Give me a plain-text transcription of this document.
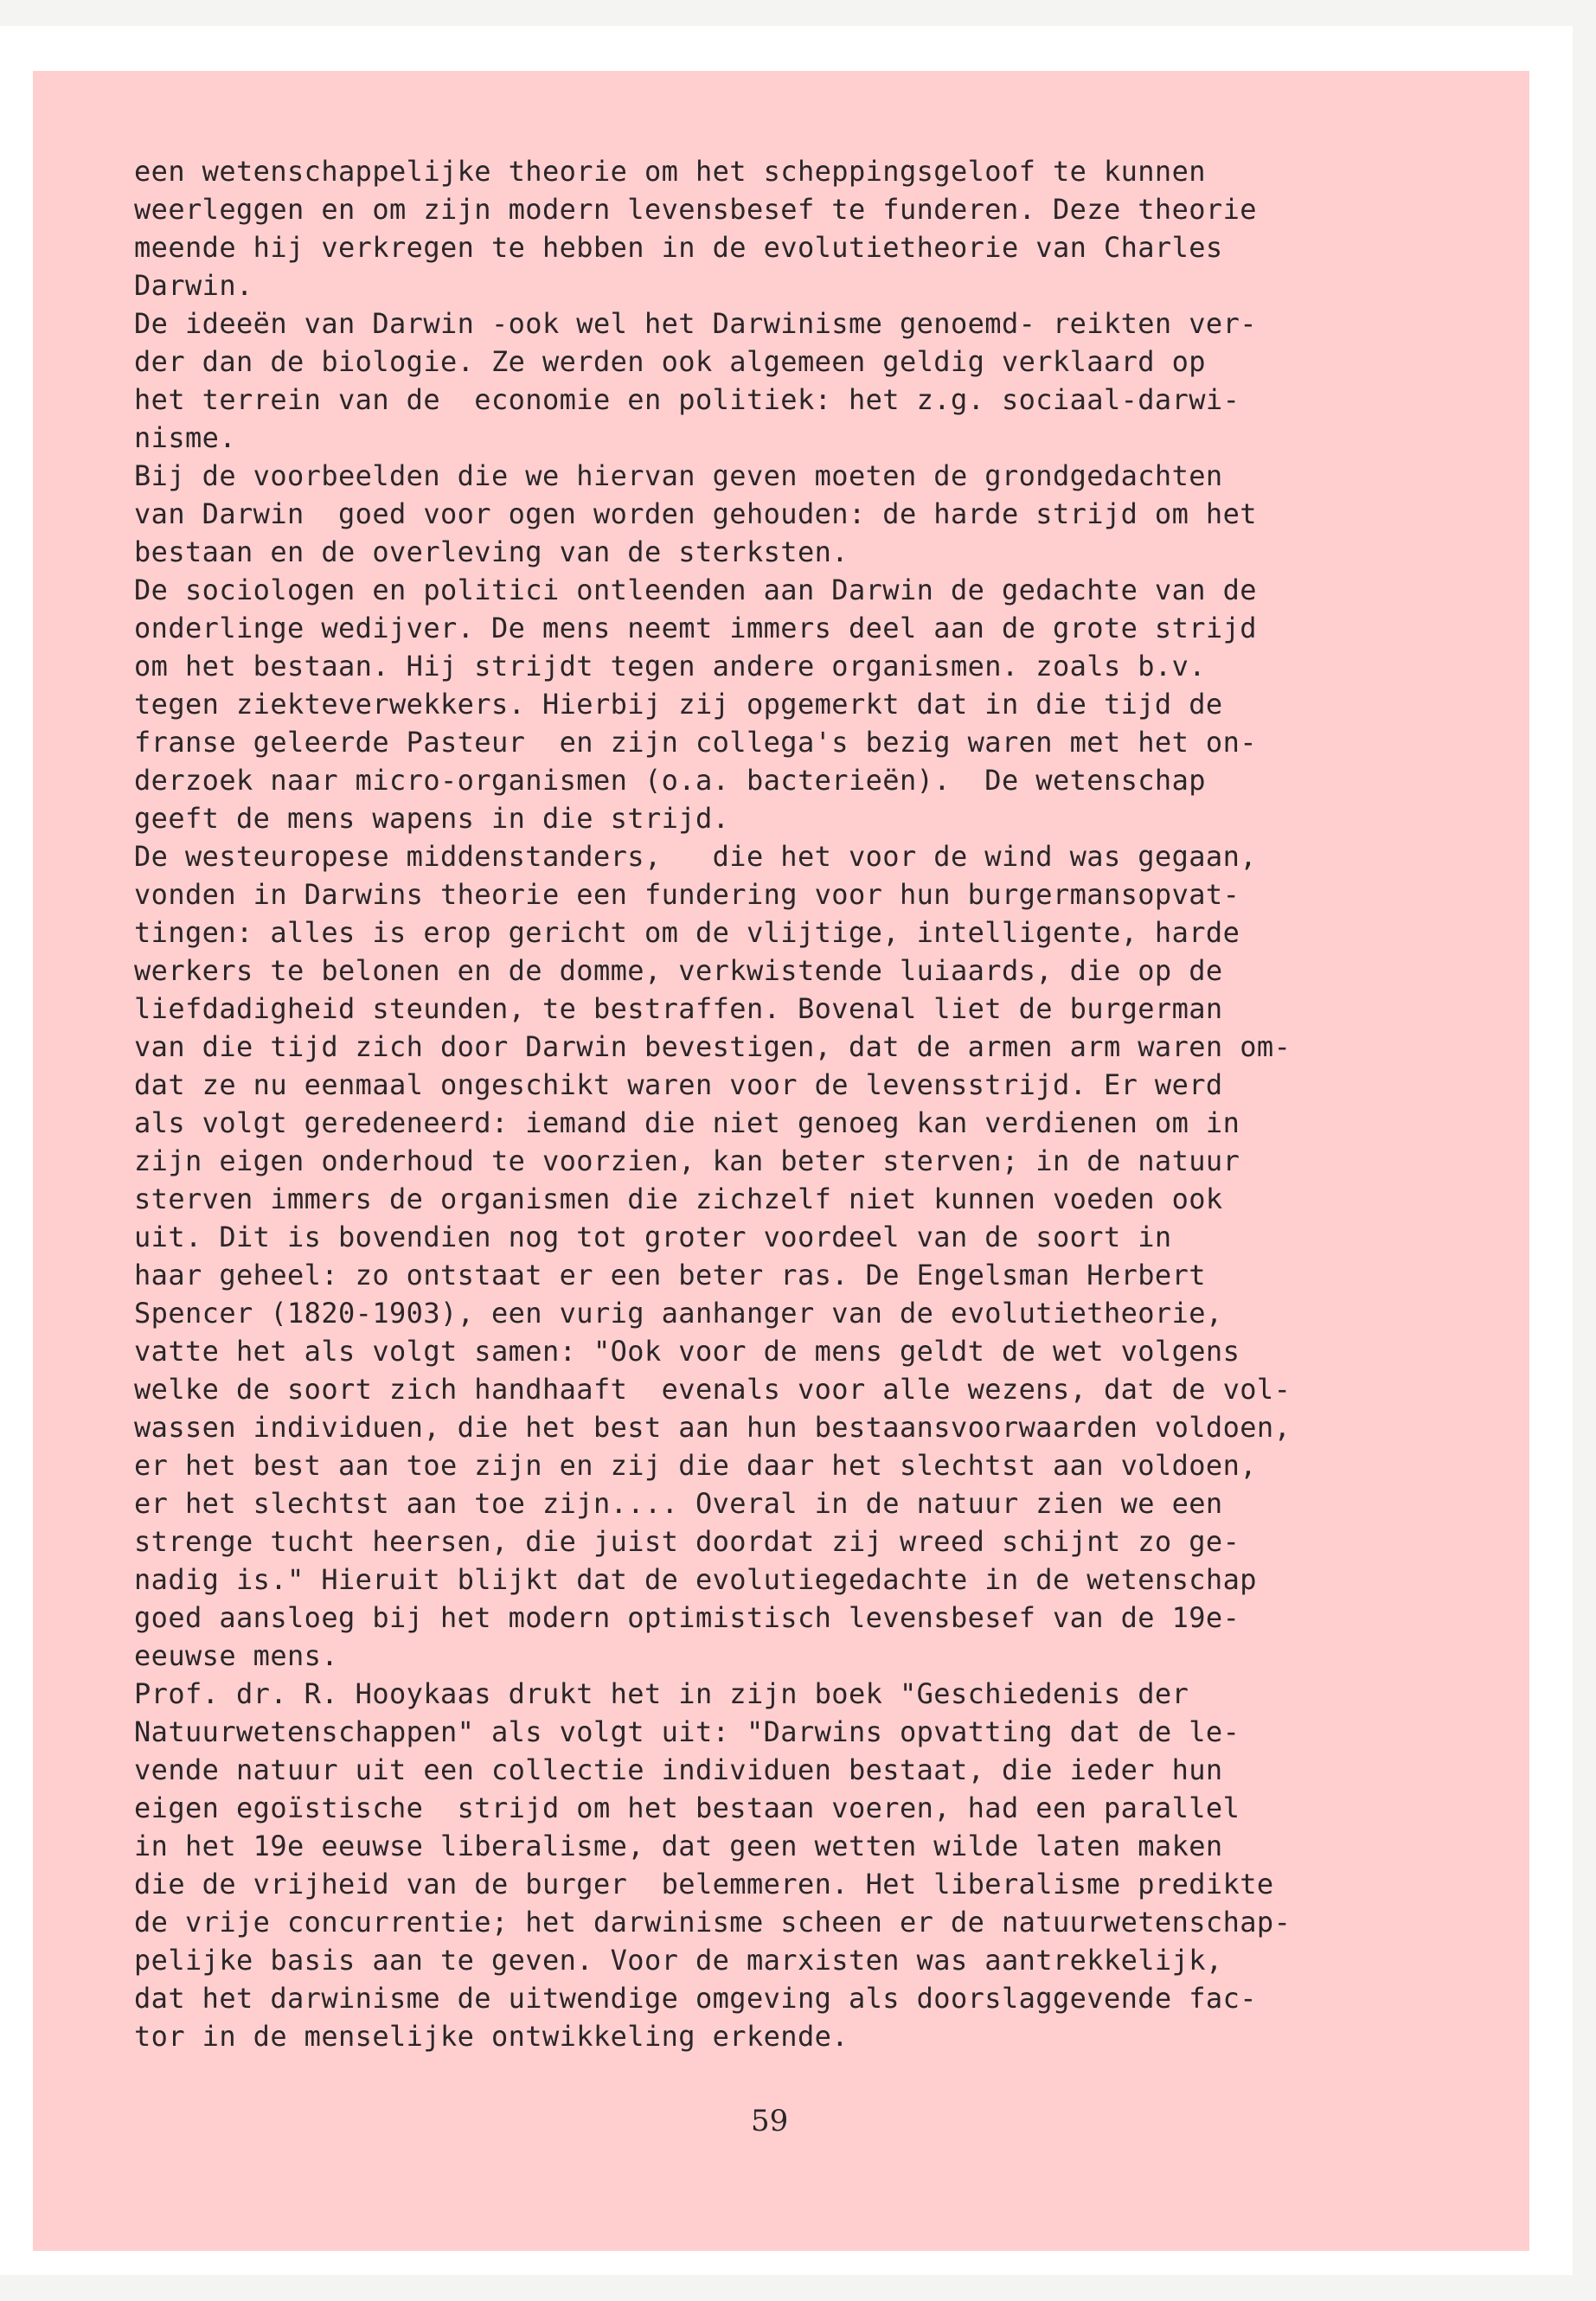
een wetenschappelijke theorie om het scheppingsgeloof te kunnen
weerleggen en om zijn modern levensbesef te funderen. Deze theorie
meende hij verkregen te hebben in de evolutietheorie van Charles
Darwin.
De ideeën van Darwin -ook wel het Darwinisme genoemd- reikten ver-
der dan de biologie. Ze werden ook algemeen geldig verklaard op
het terrein van de  economie en politiek: het z.g. sociaal-darwi-
nisme.
Bij de voorbeelden die we hiervan geven moeten de grondgedachten
van Darwin  goed voor ogen worden gehouden: de harde strijd om het
bestaan en de overleving van de sterksten.
De sociologen en politici ontleenden aan Darwin de gedachte van de
onderlinge wedijver. De mens neemt immers deel aan de grote strijd
om het bestaan. Hij strijdt tegen andere organismen. zoals b.v.
tegen ziekteverwekkers. Hierbij zij opgemerkt dat in die tijd de
franse geleerde Pasteur  en zijn collega's bezig waren met het on-
derzoek naar micro-organismen (o.a. bacterieën).  De wetenschap
geeft de mens wapens in die strijd.
De westeuropese middenstanders,   die het voor de wind was gegaan,
vonden in Darwins theorie een fundering voor hun burgermansopvat-
tingen: alles is erop gericht om de vlijtige, intelligente, harde
werkers te belonen en de domme, verkwistende luiaards, die op de
liefdadigheid steunden, te bestraffen. Bovenal liet de burgerman
van die tijd zich door Darwin bevestigen, dat de armen arm waren om-
dat ze nu eenmaal ongeschikt waren voor de levensstrijd. Er werd
als volgt geredeneerd: iemand die niet genoeg kan verdienen om in
zijn eigen onderhoud te voorzien, kan beter sterven; in de natuur
sterven immers de organismen die zichzelf niet kunnen voeden ook
uit. Dit is bovendien nog tot groter voordeel van de soort in
haar geheel: zo ontstaat er een beter ras. De Engelsman Herbert
Spencer (1820-1903), een vurig aanhanger van de evolutietheorie,
vatte het als volgt samen: "Ook voor de mens geldt de wet volgens
welke de soort zich handhaaft  evenals voor alle wezens, dat de vol-
wassen individuen, die het best aan hun bestaansvoorwaarden voldoen,
er het best aan toe zijn en zij die daar het slechtst aan voldoen,
er het slechtst aan toe zijn.... Overal in de natuur zien we een
strenge tucht heersen, die juist doordat zij wreed schijnt zo ge-
nadig is." Hieruit blijkt dat de evolutiegedachte in de wetenschap
goed aansloeg bij het modern optimistisch levensbesef van de 19e-
eeuwse mens.
Prof. dr. R. Hooykaas drukt het in zijn boek "Geschiedenis der
Natuurwetenschappen" als volgt uit: "Darwins opvatting dat de le-
vende natuur uit een collectie individuen bestaat, die ieder hun
eigen egoïstische  strijd om het bestaan voeren, had een parallel
in het 19e eeuwse liberalisme, dat geen wetten wilde laten maken
die de vrijheid van de burger  belemmeren. Het liberalisme predikte
de vrije concurrentie; het darwinisme scheen er de natuurwetenschap-
pelijke basis aan te geven. Voor de marxisten was aantrekkelijk,
dat het darwinisme de uitwendige omgeving als doorslaggevende fac-
tor in de menselijke ontwikkeling erkende.
59
